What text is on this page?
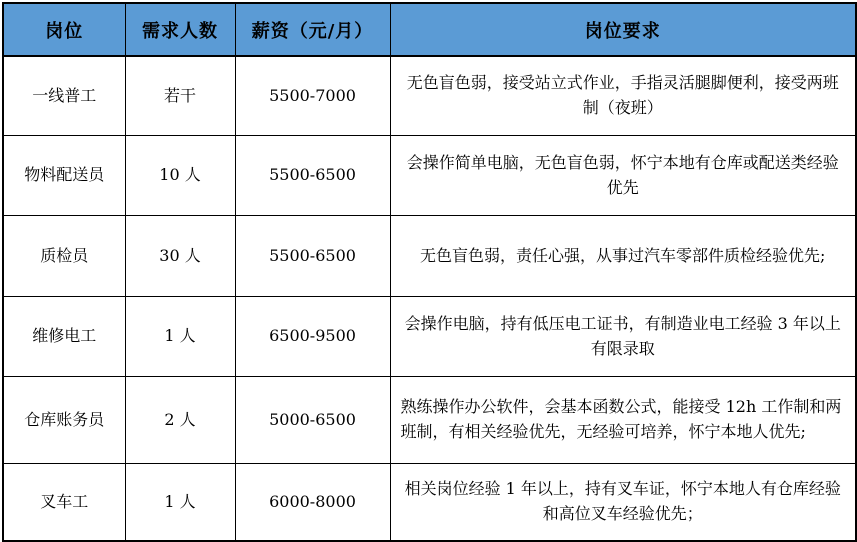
岗位	需求人数	薪资（元/月）	岗位要求
一线普工	若干	5500-7000	无色盲色弱，接受站立式作业，手指灵活腿脚便利，接受两班制（夜班）
物料配送员	10 人	5500-6500	会操作简单电脑，无色盲色弱，怀宁本地有仓库或配送类经验优先
质检员	30 人	5500-6500	无色盲色弱，责任心强，从事过汽车零部件质检经验优先;
维修电工	1 人	6500-9500	会操作电脑，持有低压电工证书，有制造业电工经验 3 年以上有限录取
仓库账务员	2 人	5000-6500	熟练操作办公软件，会基本函数公式，能接受 12h 工作制和两班制，有相关经验优先，无经验可培养，怀宁本地人优先;
叉车工	1 人	6000-8000	相关岗位经验 1 年以上，持有叉车证，怀宁本地人有仓库经验和高位叉车经验优先；
